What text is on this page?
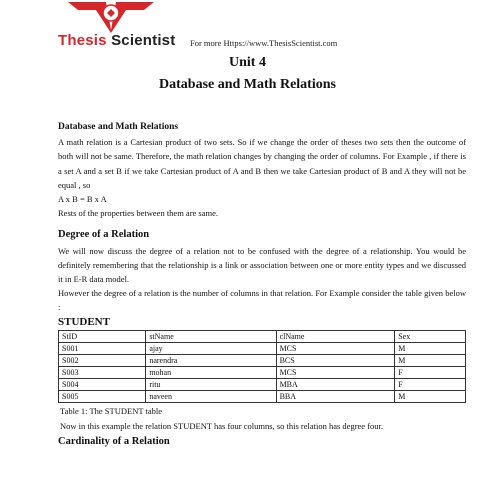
Thesis Scientist For more Https://www.ThesisScientist.com
Unit 4
Database and Math Relations
Database and Math Relations

A math relation is a Cartesian product of two sets. So if we change the order of theses two sets then the outcome of both will not be same. Therefore, the math relation changes by changing the order of columns. For Example , if there is a set A and a set B if we take Cartesian product of A and B then we take Cartesian product of B and A they will not be equal , so

A x B = B x A

Rests of the properties between them are same.

Degree of a Relation

We will now discuss the degree of a relation not to be confused with the degree of a relationship. You would be definitely remembering that the relationship is a link or association between one or more entity types and we discussed it in E-R data model.

However the degree of a relation is the number of columns in that relation. For Example consider the table given below :

STUDENT
StID	stName	clName	Sex
S001	ajay	MCS	M
S002	narendra	BCS	M
S003	mohan	MCS	F
S004	ritu	MBA	F
S005	naveen	BBA	M
Table 1: The STUDENT table
Now in this example the relation STUDENT has four columns, so this relation has degree four.
Cardinality of a Relation
